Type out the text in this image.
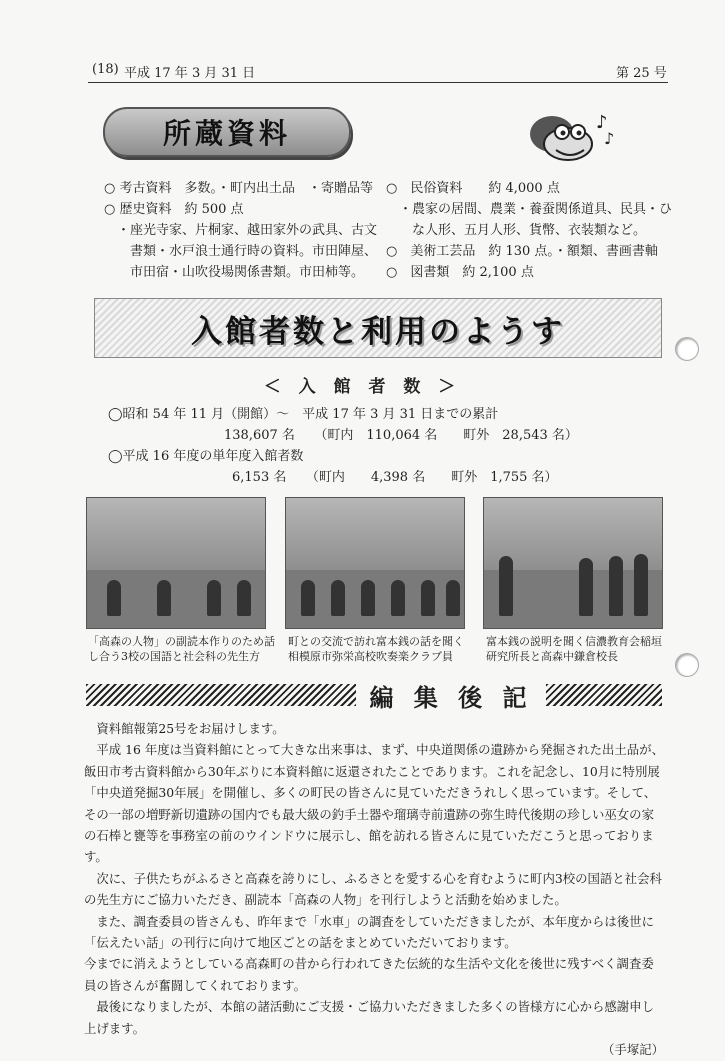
(18) 平成 17 年 3 月 31 日	第 25 号
所蔵資料	♪
♪
○ 考古資料　多数。・町内出土品　・寄贈品等
○ 歴史資料　約 500 点
　・座光寺家、片桐家、越田家外の武具、古文
　　書類・水戸浪士通行時の資料。市田陣屋、
　　市田宿・山吹役場関係書類。市田柿等。
○　民俗資料　　約 4,000 点
　・農家の居間、農業・養蚕関係道具、民具・ひ
　　な人形、五月人形、貨幣、衣装類など。
○　美術工芸品　約 130 点。・額類、書画書軸
○　図書類　約 2,100 点
入館者数と利用のようす
＜ 入 館 者 数 ＞
◯昭和 54 年 11 月（開館）～　平成 17 年 3 月 31 日までの累計
138,607 名　　（町内　110,064 名　　町外　28,543 名）
◯平成 16 年度の単年度入館者数
6,153 名　　（町内　　4,398 名　　町外　1,755 名）
「高森の人物」の副読本作りのため話
し合う3校の国語と社会科の先生方
町との交流で訪れ富本銭の話を聞く
相模原市弥栄高校吹奏楽クラブ員
富本銭の説明を聞く信濃教育会稲垣
研究所長と高森中鎌倉校長
編 集 後 記

資料館報第25号をお届けします。

平成 16 年度は当資料館にとって大きな出来事は、まず、中央道関係の遺跡から発掘された出土品が、飯田市考古資料館から30年ぶりに本資料館に返還されたことであります。これを記念し、10月に特別展「中央道発掘30年展」を開催し、多くの町民の皆さんに見ていただきうれしく思っています。そして、その一部の増野新切遺跡の国内でも最大級の釣手土器や瑠璃寺前遺跡の弥生時代後期の珍しい巫女の家の石棒と甕等を事務室の前のウインドウに展示し、館を訪れる皆さんに見ていただこうと思っております。

次に、子供たちがふるさと高森を誇りにし、ふるさとを愛する心を育むように町内3校の国語と社会科の先生方にご協力いただき、副読本「高森の人物」を刊行しようと活動を始めました。

また、調査委員の皆さんも、昨年まで「水車」の調査をしていただきましたが、本年度からは後世に「伝えたい話」の刊行に向けて地区ごとの話をまとめていただいております。

今までに消えようとしている高森町の昔から行われてきた伝統的な生活や文化を後世に残すべく調査委員の皆さんが奮闘してくれております。

最後になりましたが、本館の諸活動にご支援・ご協力いただきました多くの皆様方に心から感謝申し上げます。

（手塚記）
